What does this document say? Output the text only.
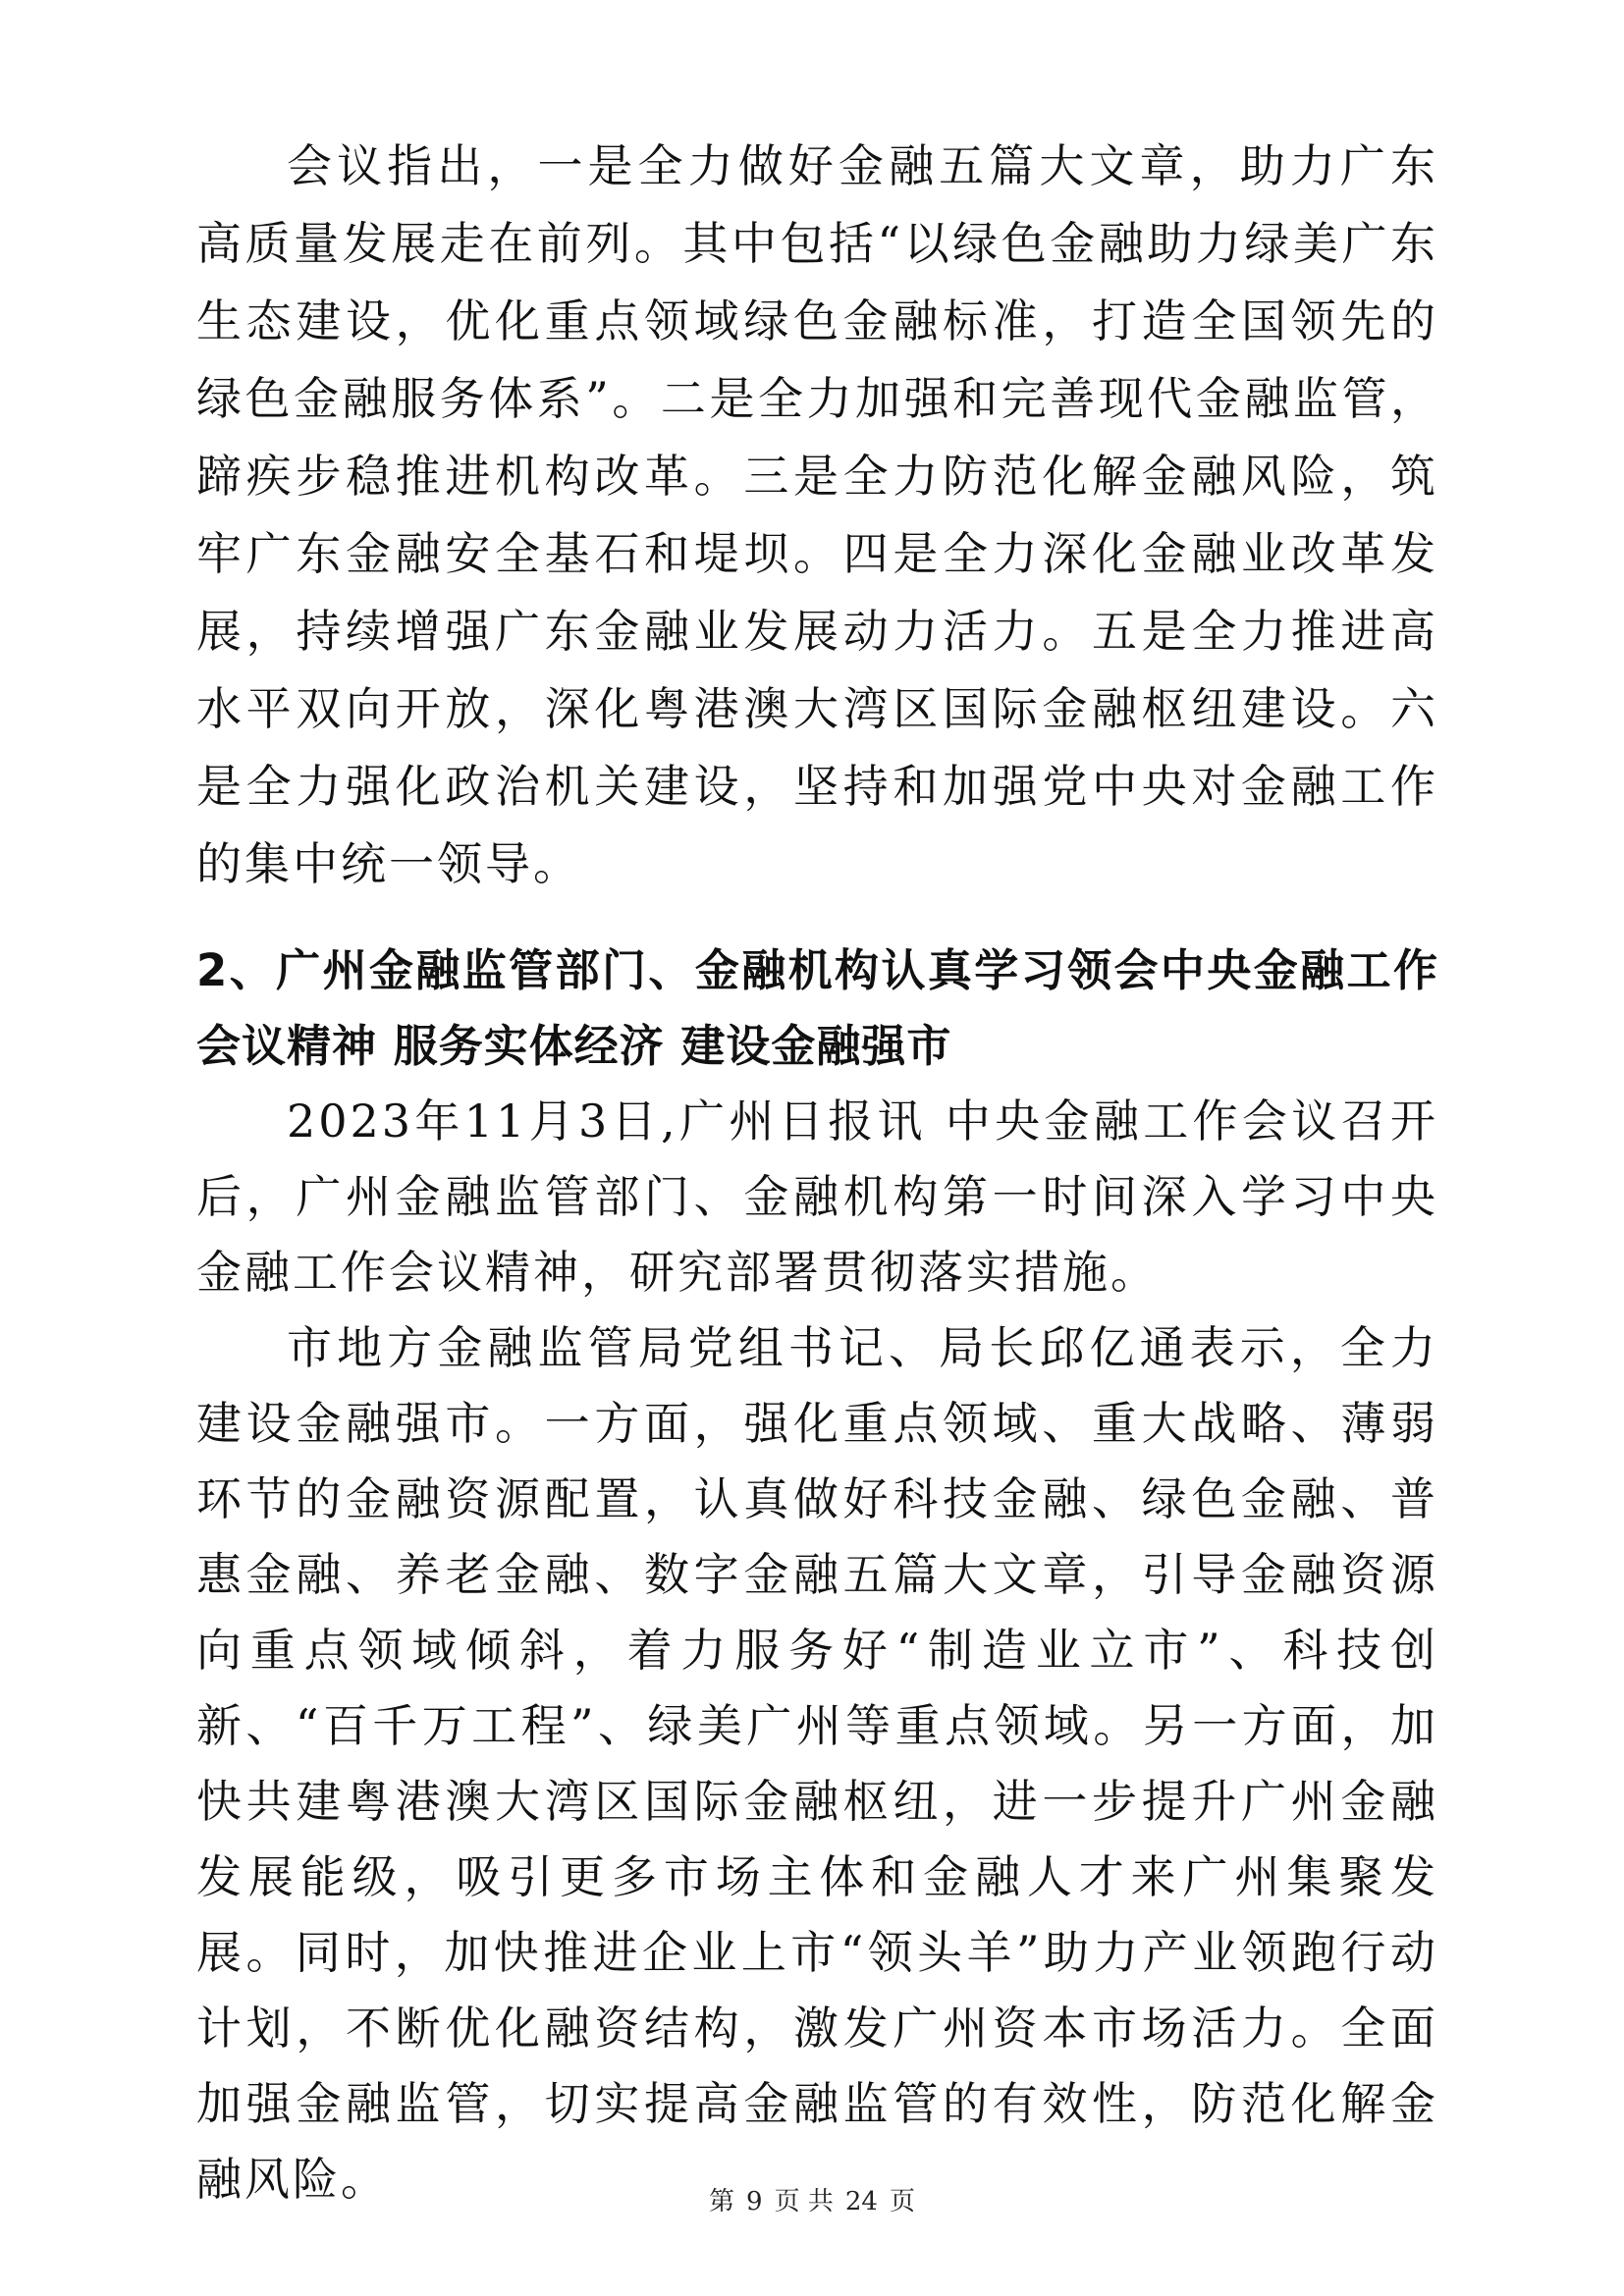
会议指出，一是全力做好金融五篇大文章，助力广东高质量发展走在前列。其中包括“以绿色金融助力绿美广东生态建设，优化重点领域绿色金融标准，打造全国领先的绿色金融服务体系”。二是全力加强和完善现代金融监管，蹄疾步稳推进机构改革。三是全力防范化解金融风险，筑牢广东金融安全基石和堤坝。四是全力深化金融业改革发展，持续增强广东金融业发展动力活力。五是全力推进高水平双向开放，深化粤港澳大湾区国际金融枢纽建设。六是全力强化政治机关建设，坚持和加强党中央对金融工作的集中统一领导。

2、广州金融监管部门、金融机构认真学习领会中央金融工作会议精神 服务实体经济 建设金融强市

2023年11月3日,广州日报讯 中央金融工作会议召开后，广州金融监管部门、金融机构第一时间深入学习中央金融工作会议精神，研究部署贯彻落实措施。

市地方金融监管局党组书记、局长邱亿通表示，全力建设金融强市。一方面，强化重点领域、重大战略、薄弱环节的金融资源配置，认真做好科技金融、绿色金融、普惠金融、养老金融、数字金融五篇大文章，引导金融资源向重点领域倾斜，着力服务好“制造业立市”、科技创新、“百千万工程”、绿美广州等重点领域。另一方面，加快共建粤港澳大湾区国际金融枢纽，进一步提升广州金融发展能级，吸引更多市场主体和金融人才来广州集聚发展。同时，加快推进企业上市“领头羊”助力产业领跑行动计划，不断优化融资结构，激发广州资本市场活力。全面加强金融监管，切实提高金融监管的有效性，防范化解金融风险。	第 9 页 共 24 页
